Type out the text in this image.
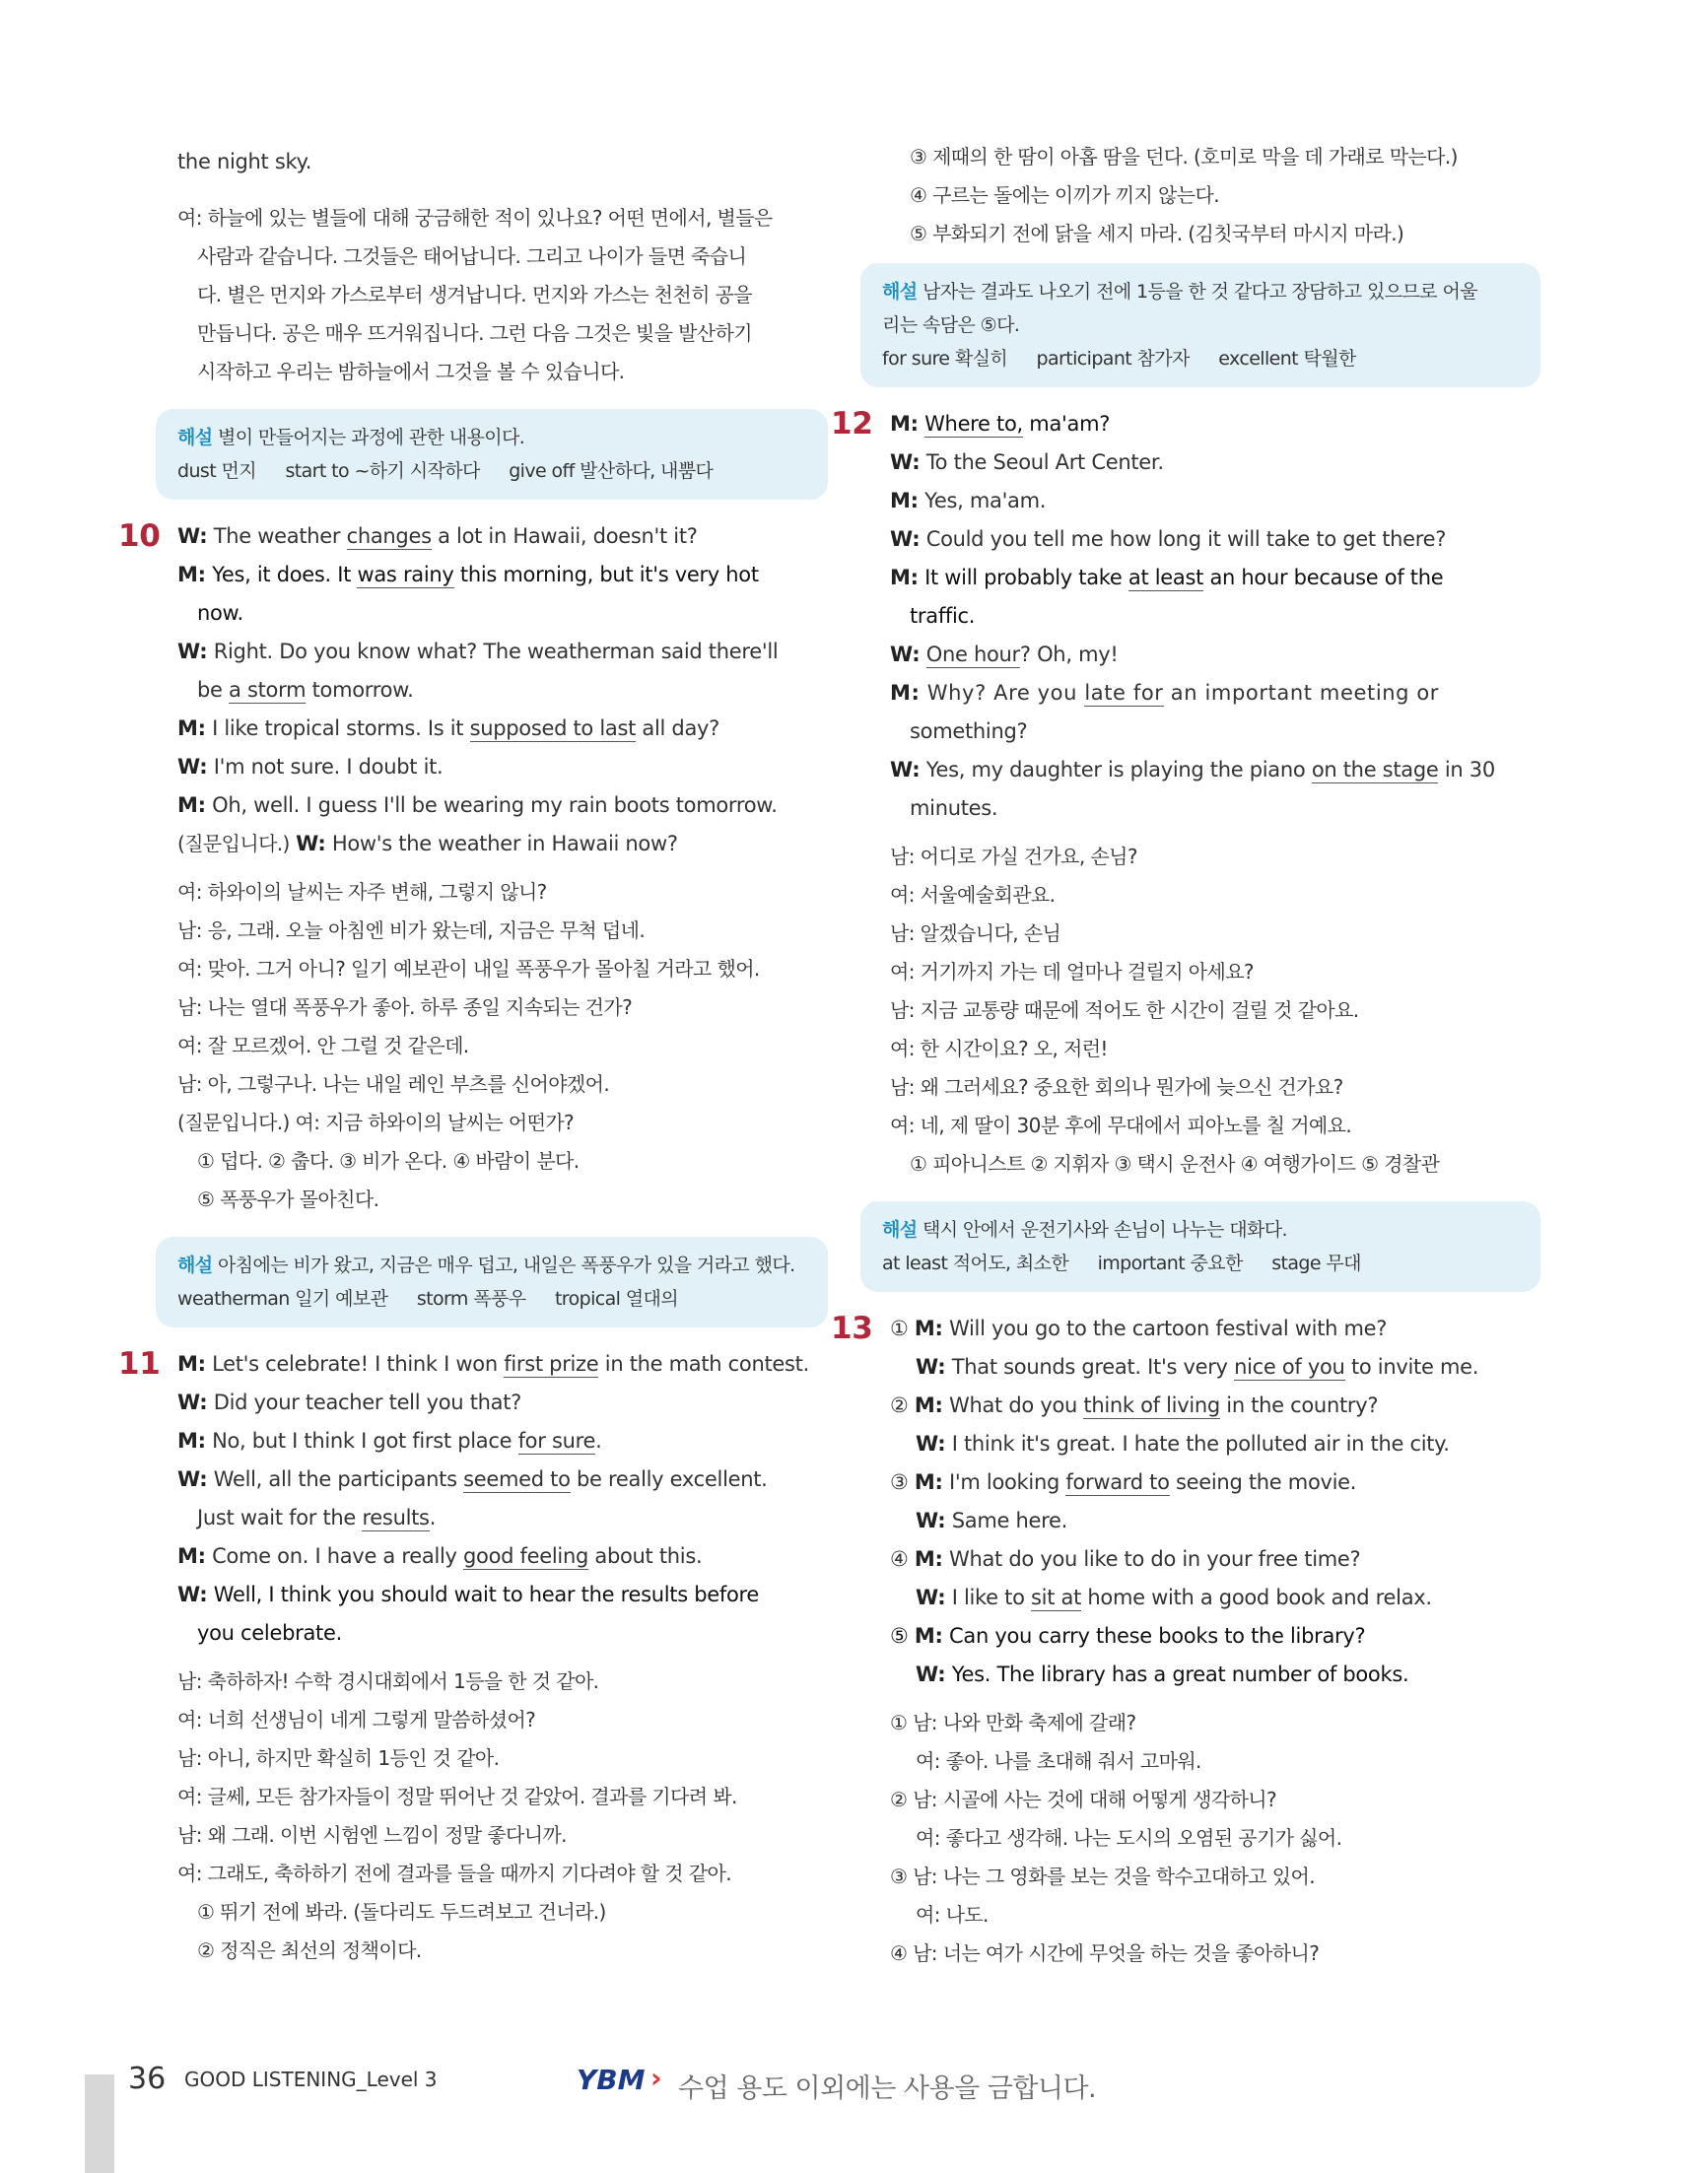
the night sky.
여: 하늘에 있는 별들에 대해 궁금해한 적이 있나요? 어떤 면에서, 별들은
사람과 같습니다. 그것들은 태어납니다. 그리고 나이가 들면 죽습니
다. 별은 먼지와 가스로부터 생겨납니다. 먼지와 가스는 천천히 공을
만듭니다. 공은 매우 뜨거워집니다. 그런 다음 그것은 빛을 발산하기
시작하고 우리는 밤하늘에서 그것을 볼 수 있습니다.
해설 별이 만들어지는 과정에 관한 내용이다.
dust 먼지 start to ~하기 시작하다 give off 발산하다, 내뿜다
10 W: The weather changes a lot in Hawaii, doesn't it?
M: Yes, it does. It was rainy this morning, but it's very hot
now.
W: Right. Do you know what? The weatherman said there'll
be a storm tomorrow.
M: I like tropical storms. Is it supposed to last all day?
W: I'm not sure. I doubt it.
M: Oh, well. I guess I'll be wearing my rain boots tomorrow.
(질문입니다.) W: How's the weather in Hawaii now?
여: 하와이의 날씨는 자주 변해, 그렇지 않니?
남: 응, 그래. 오늘 아침엔 비가 왔는데, 지금은 무척 덥네.
여: 맞아. 그거 아니? 일기 예보관이 내일 폭풍우가 몰아칠 거라고 했어.
남: 나는 열대 폭풍우가 좋아. 하루 종일 지속되는 건가?
여: 잘 모르겠어. 안 그럴 것 같은데.
남: 아, 그렇구나. 나는 내일 레인 부츠를 신어야겠어.
(질문입니다.) 여: 지금 하와이의 날씨는 어떤가?
① 덥다. ② 춥다. ③ 비가 온다. ④ 바람이 분다.
⑤ 폭풍우가 몰아친다.
해설 아침에는 비가 왔고, 지금은 매우 덥고, 내일은 폭풍우가 있을 거라고 했다.
weatherman 일기 예보관 storm 폭풍우 tropical 열대의
11 M: Let's celebrate! I think I won first prize in the math contest.
W: Did your teacher tell you that?
M: No, but I think I got first place for sure.
W: Well, all the participants seemed to be really excellent.
Just wait for the results.
M: Come on. I have a really good feeling about this.
W: Well, I think you should wait to hear the results before
you celebrate.
남: 축하하자! 수학 경시대회에서 1등을 한 것 같아.
여: 너희 선생님이 네게 그렇게 말씀하셨어?
남: 아니, 하지만 확실히 1등인 것 같아.
여: 글쎄, 모든 참가자들이 정말 뛰어난 것 같았어. 결과를 기다려 봐.
남: 왜 그래. 이번 시험엔 느낌이 정말 좋다니까.
여: 그래도, 축하하기 전에 결과를 들을 때까지 기다려야 할 것 같아.
① 뛰기 전에 봐라. (돌다리도 두드려보고 건너라.)
② 정직은 최선의 정책이다.
③ 제때의 한 땀이 아홉 땀을 던다. (호미로 막을 데 가래로 막는다.)
④ 구르는 돌에는 이끼가 끼지 않는다.
⑤ 부화되기 전에 닭을 세지 마라. (김칫국부터 마시지 마라.)
해설 남자는 결과도 나오기 전에 1등을 한 것 같다고 장담하고 있으므로 어울
리는 속담은 ⑤다.
for sure 확실히 participant 참가자 excellent 탁월한
12 M: Where to, ma'am?
W: To the Seoul Art Center.
M: Yes, ma'am.
W: Could you tell me how long it will take to get there?
M: It will probably take at least an hour because of the
traffic.
W: One hour? Oh, my!
M: Why? Are you late for an important meeting or
something?
W: Yes, my daughter is playing the piano on the stage in 30
minutes.
남: 어디로 가실 건가요, 손님?
여: 서울예술회관요.
남: 알겠습니다, 손님
여: 거기까지 가는 데 얼마나 걸릴지 아세요?
남: 지금 교통량 때문에 적어도 한 시간이 걸릴 것 같아요.
여: 한 시간이요? 오, 저런!
남: 왜 그러세요? 중요한 회의나 뭔가에 늦으신 건가요?
여: 네, 제 딸이 30분 후에 무대에서 피아노를 칠 거예요.
① 피아니스트 ② 지휘자 ③ 택시 운전사 ④ 여행가이드 ⑤ 경찰관
해설 택시 안에서 운전기사와 손님이 나누는 대화다.
at least 적어도, 최소한 important 중요한 stage 무대
13 ① M: Will you go to the cartoon festival with me?
W: That sounds great. It's very nice of you to invite me.
② M: What do you think of living in the country?
W: I think it's great. I hate the polluted air in the city.
③ M: I'm looking forward to seeing the movie.
W: Same here.
④ M: What do you like to do in your free time?
W: I like to sit at home with a good book and relax.
⑤ M: Can you carry these books to the library?
W: Yes. The library has a great number of books.
① 남: 나와 만화 축제에 갈래?
여: 좋아. 나를 초대해 줘서 고마워.
② 남: 시골에 사는 것에 대해 어떻게 생각하니?
여: 좋다고 생각해. 나는 도시의 오염된 공기가 싫어.
③ 남: 나는 그 영화를 보는 것을 학수고대하고 있어.
여: 나도.
④ 남: 너는 여가 시간에 무엇을 하는 것을 좋아하니?
36 GOOD LISTENING_Level 3	YBM › 수업 용도 이외에는 사용을 금합니다.
